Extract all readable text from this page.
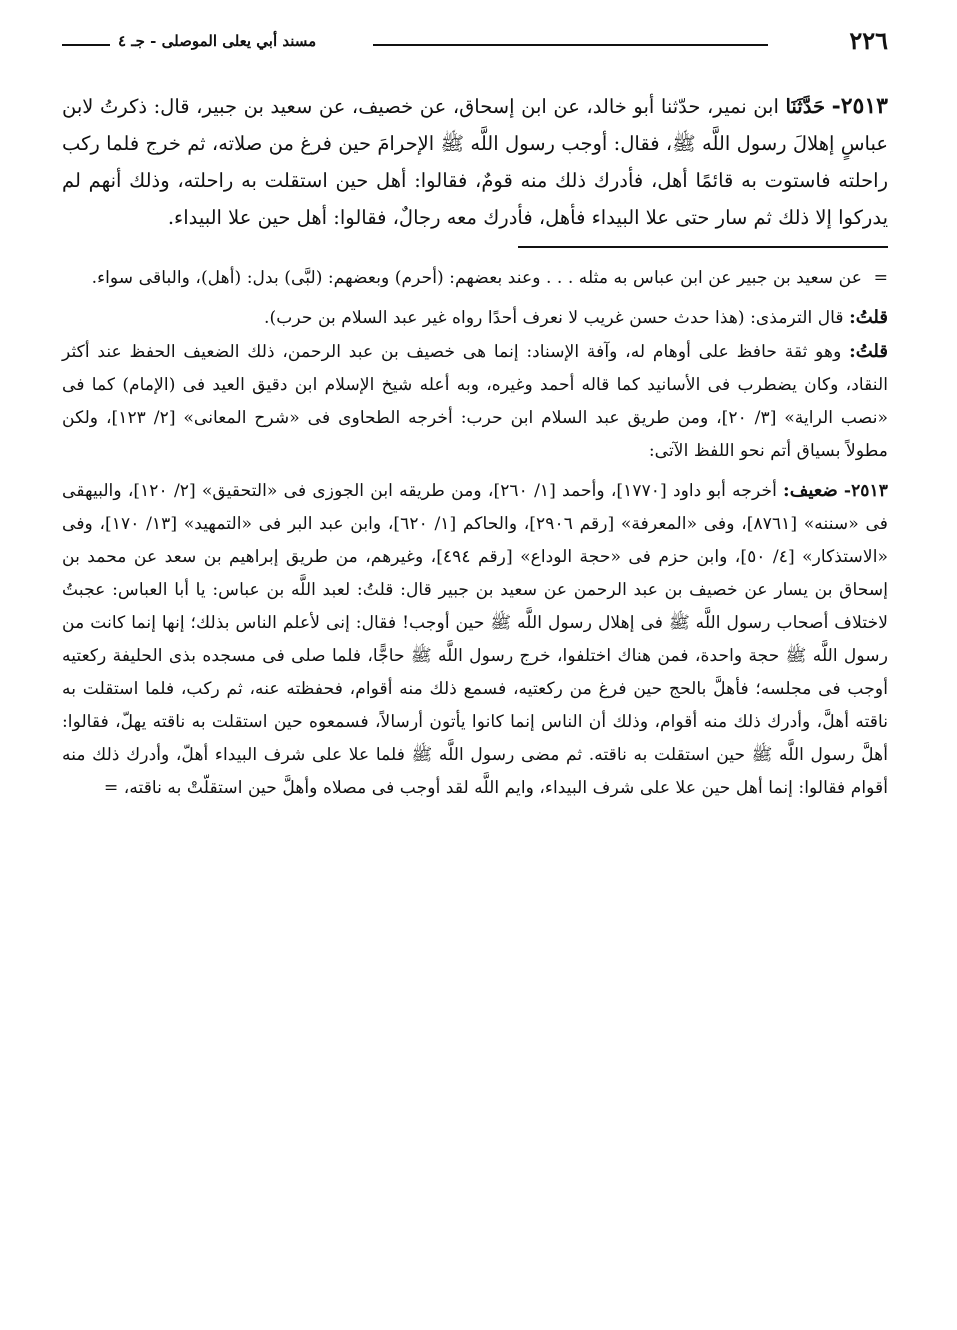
٢٢٦
مسند أبي يعلى الموصلى - جـ ٤
٢٥١٣- حَدَّثَنَا ابن نمير، حدّثنا أبو خالد، عن ابن إسحاق، عن خصيف، عن سعيد بن جبير، قال: ذكرتُ لابن عباسٍ إهلالَ رسول اللَّه ﷺ، فقال: أوجب رسول اللَّه ﷺ الإحرامَ حين فرغ من صلاته، ثم خرج فلما ركب راحلته فاستوت به قائمًا أهل، فأدرك ذلك منه قومٌ، فقالوا: أهل حين استقلت به راحلته، وذلك أنهم لم يدركوا إلا ذلك ثم سار حتى علا البيداء فأهل، فأدرك معه رجالٌ، فقالوا: أهل حين علا البيداء.

=عن سعيد بن جبير عن ابن عباس به مثله . . . وعند بعضهم: (أحرم) وبعضهم: (لبَّى) بدل: (أهل)، والباقى سواء.

قلتُ: قال الترمذى: (هذا حدث حسن غريب لا نعرف أحدًا رواه غير عبد السلام بن حرب).

قلتُ: وهو ثقة حافظ على أوهام له، وآفة الإسناد: إنما هى خصيف بن عبد الرحمن، ذلك الضعيف الحفظ عند أكثر النقاد، وكان يضطرب فى الأسانيد كما قاله أحمد وغيره، وبه أعله شيخ الإسلام ابن دقيق العيد فى (الإمام) كما فى «نصب الراية» [٣/ ٢٠]، ومن طريق عبد السلام ابن حرب: أخرجه الطحاوى فى «شرح المعانى» [٢/ ١٢٣]، ولكن مطولاً بسياق أتم نحو اللفظ الآتى:

٢٥١٣- ضعيف: أخرجه أبو داود [١٧٧٠]، وأحمد [١/ ٢٦٠]، ومن طريقه ابن الجوزى فى «التحقيق» [٢/ ١٢٠]، والبيهقى فى «سننه» [٨٧٦١]، وفى «المعرفة» [رقم ٢٩٠٦]، والحاكم [١/ ٦٢٠]، وابن عبد البر فى «التمهيد» [١٣/ ١٧٠]، وفى «الاستذكار» [٤/ ٥٠]، وابن حزم فى «حجة الوداع» [رقم ٤٩٤]، وغيرهم، من طريق إبراهيم بن سعد عن محمد بن إسحاق بن يسار عن خصيف بن عبد الرحمن عن سعيد بن جبير قال: قلتُ: لعبد اللَّه بن عباس: يا أبا العباس: عجبتُ لاختلاف أصحاب رسول اللَّه ﷺ فى إهلال رسول اللَّه ﷺ حين أوجب! فقال: إنى لأعلم الناس بذلك؛ إنها إنما كانت من رسول اللَّه ﷺ حجة واحدة، فمن هناك اختلفوا، خرج رسول اللَّه ﷺ حاجًّا، فلما صلى فى مسجده بذى الحليفة ركعتيه أوجب فى مجلسه؛ فأهلَّ بالحج حين فرغ من ركعتيه، فسمع ذلك منه أقوام، فحفظته عنه، ثم ركب، فلما استقلت به ناقته أهلَّ، وأدرك ذلك منه أقوام، وذلك أن الناس إنما كانوا يأتون أرسالاً، فسمعوه حين استقلت به ناقته يهلّ، فقالوا: أهلَّ رسول اللَّه ﷺ حين استقلت به ناقته. ثم مضى رسول اللَّه ﷺ فلما علا على شرف البيداء أهلّ، وأدرك ذلك منه أقوام فقالوا: إنما أهل حين علا على شرف البيداء، وايم اللَّه لقد أوجب فى مصلاه وأهلَّ حين استقلّتْ به ناقته، =
